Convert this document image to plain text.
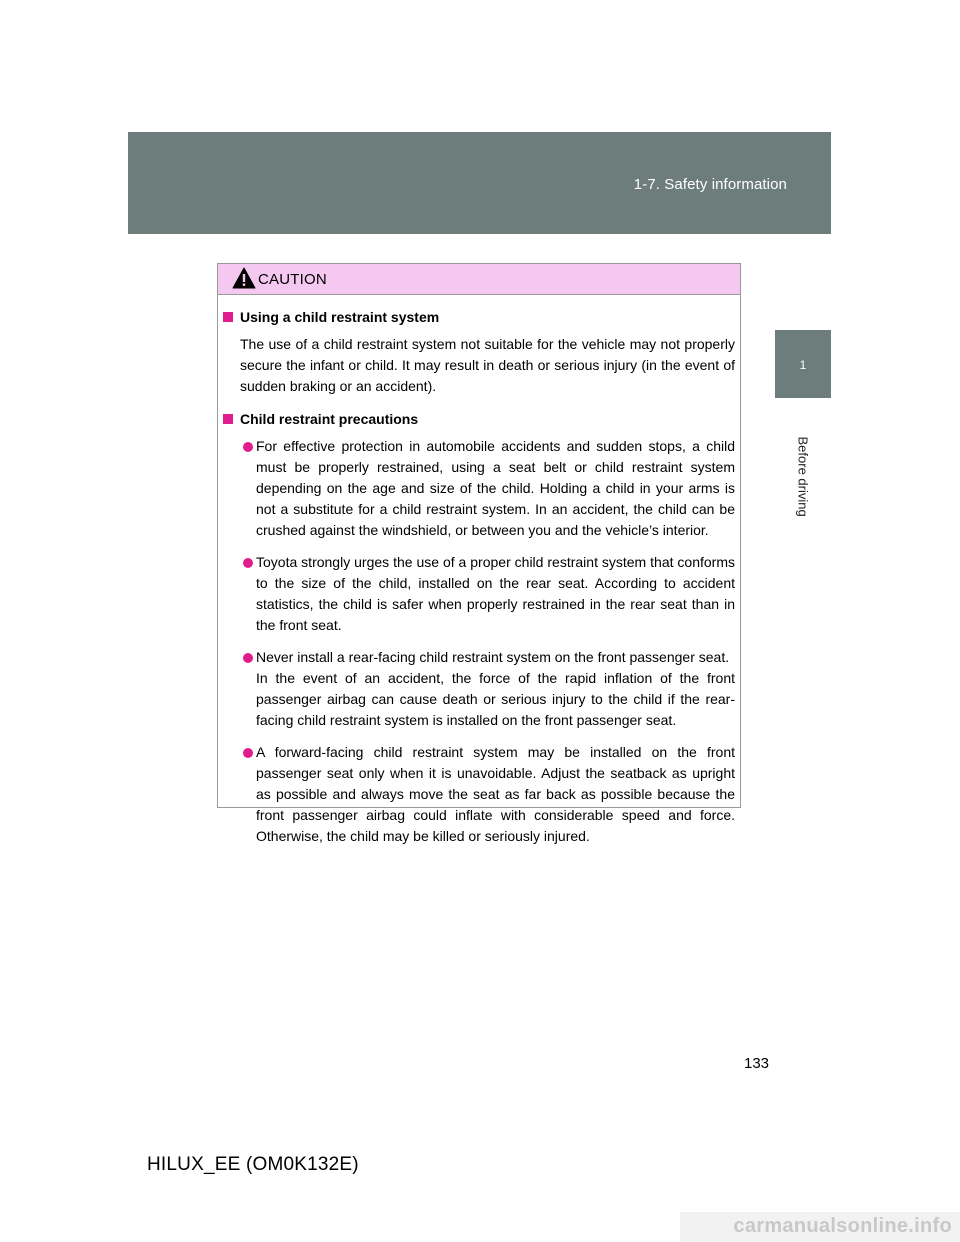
1-7. Safety information
1
Before driving
CAUTION

Using a child restraint system

The use of a child restraint system not suitable for the vehicle may not properly secure the infant or child. It may result in death or serious injury (in the event of sudden braking or an accident).

Child restraint precautions

For effective protection in automobile accidents and sudden stops, a child must be properly restrained, using a seat belt or child restraint system depending on the age and size of the child. Holding a child in your arms is not a substitute for a child restraint system. In an accident, the child can be crushed against the windshield, or between you and the vehicle’s interior.
Toyota strongly urges the use of a proper child restraint system that conforms to the size of the child, installed on the rear seat. According to accident statistics, the child is safer when properly restrained in the rear seat than in the front seat.
Never install a rear-facing child restraint system on the front passenger seat.
In the event of an accident, the force of the rapid inflation of the front passenger airbag can cause death or serious injury to the child if the rear-facing child restraint system is installed on the front passenger seat.
A forward-facing child restraint system may be installed on the front passenger seat only when it is unavoidable. Adjust the seatback as upright as possible and always move the seat as far back as possible because the front passenger airbag could inflate with considerable speed and force. Otherwise, the child may be killed or seriously injured.
133
HILUX_EE (OM0K132E)
carmanualsonline.info
